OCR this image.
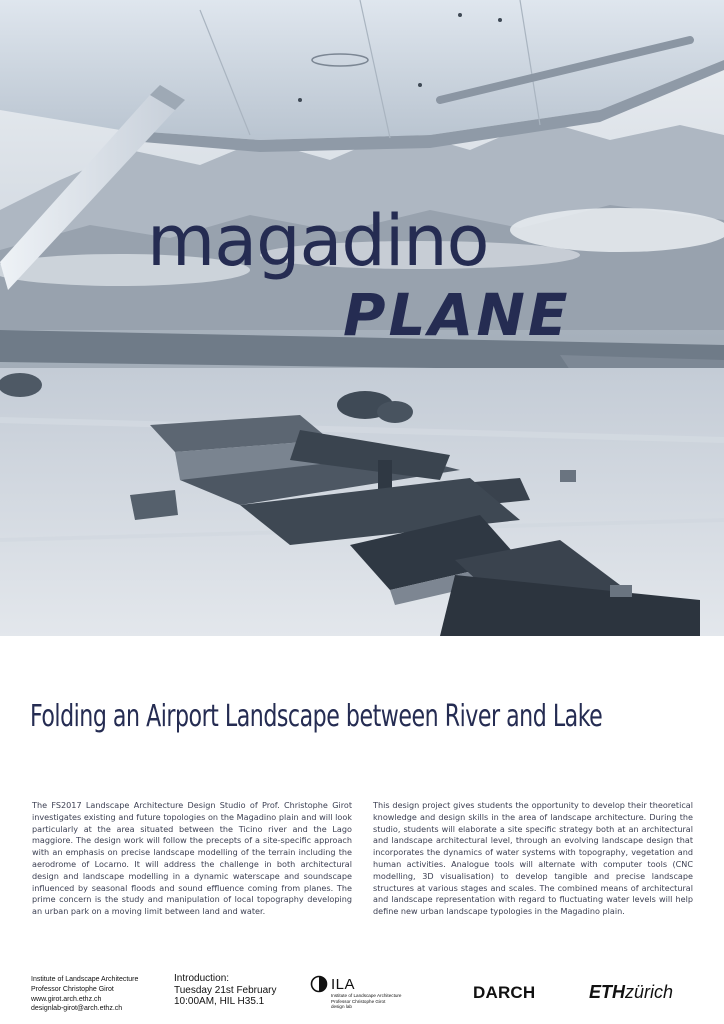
magadino
PLANE
Folding an Airport Landscape between River and Lake

The FS2017 Landscape Architecture Design Studio of Prof. Christophe Girot investigates existing and future topologies on the Magadino plain and will look particularly at the area situated between the Ticino river and the Lago maggiore. The design work will follow the precepts of a site-specific approach with an emphasis on precise landscape modelling of the terrain including the aerodrome of Locarno. It will address the challenge in both architectural design and landscape modelling in a dynamic waterscape and soundscape influenced by seasonal floods and sound effluence coming from planes. The prime concern is the study and manipulation of local topography developing an urban park on a moving limit between land and water.

This design project gives students the opportunity to develop their theoretical knowledge and design skills in the area of landscape architecture. During the studio, students will elaborate a site specific strategy both at an architectural and landscape architectural level, through an evolving landscape design that incorporates the dynamics of water systems with topography, vegetation and human activities. Analogue tools will alternate with computer tools (CNC modelling, 3D visualisation) to develop tangible and precise landscape structures at various stages and scales. The combined means of architectural and landscape representation with regard to fluctuating water levels will help define new urban landscape typologies in the Magadino plain.

Institute of Landscape Architecture
Professor Christophe Girot
www.girot.arch.ethz.ch
designlab-girot@arch.ethz.ch
Introduction:
Tuesday 21st February
10:00AM, HIL H35.1
ILA
Institute of Landscape Architecture
Professor Christophe Girot
design lab
DARCH	ETHzürich
